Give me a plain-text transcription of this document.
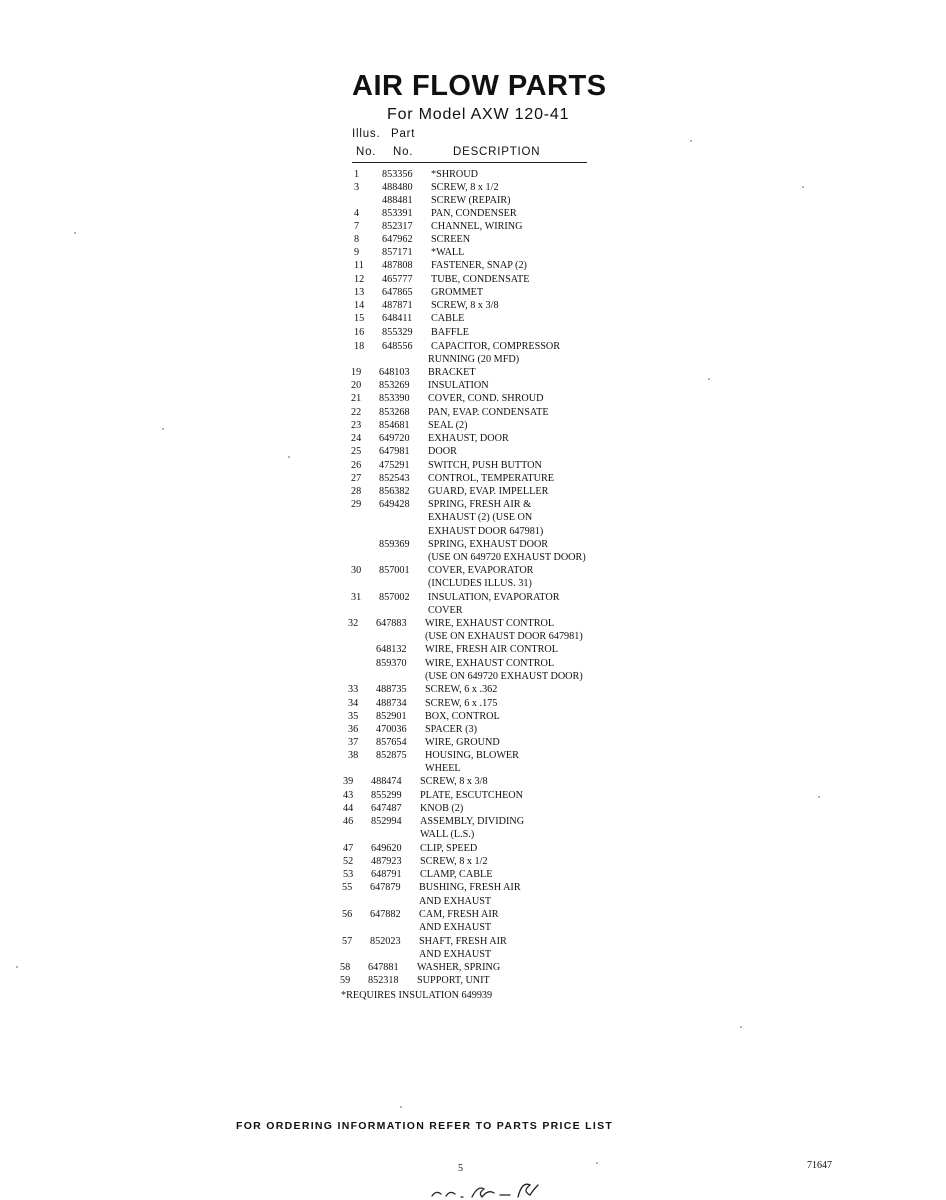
AIR FLOW PARTS
For Model AXW 120-41
Illus. Part
No. No.	DESCRIPTION
1	853356 *SHROUD
3	488480 SCREW, 8 x 1/2
488481 SCREW (REPAIR)
4	853391 PAN, CONDENSER
7	852317 CHANNEL, WIRING
8	647962 SCREEN
9	857171 *WALL
11	487808 FASTENER, SNAP (2)
12	465777 TUBE, CONDENSATE
13	647865 GROMMET
14	487871 SCREW, 8 x 3/8
15	648411 CABLE
16	855329 BAFFLE
18	648556 CAPACITOR, COMPRESSOR
RUNNING (20 MFD)
19	648103 BRACKET
20	853269 INSULATION
21	853390 COVER, COND. SHROUD
22	853268 PAN, EVAP. CONDENSATE
23	854681 SEAL (2)
24	649720 EXHAUST, DOOR
25	647981 DOOR
26	475291 SWITCH, PUSH BUTTON
27	852543 CONTROL, TEMPERATURE
28	856382 GUARD, EVAP. IMPELLER
29	649428 SPRING, FRESH AIR &
EXHAUST (2) (USE ON
EXHAUST DOOR 647981)
859369 SPRING, EXHAUST DOOR
(USE ON 649720 EXHAUST DOOR)
30	857001 COVER, EVAPORATOR
(INCLUDES ILLUS. 31)
31	857002 INSULATION, EVAPORATOR
COVER
32	647883 WIRE, EXHAUST CONTROL
(USE ON EXHAUST DOOR 647981)
648132 WIRE, FRESH AIR CONTROL
859370 WIRE, EXHAUST CONTROL
(USE ON 649720 EXHAUST DOOR)
33	488735 SCREW, 6 x .362
34	488734 SCREW, 6 x .175
35	852901 BOX, CONTROL
36	470036 SPACER (3)
37	857654 WIRE, GROUND
38	852875 HOUSING, BLOWER
WHEEL
39	488474 SCREW, 8 x 3/8
43	855299 PLATE, ESCUTCHEON
44	647487 KNOB (2)
46	852994 ASSEMBLY, DIVIDING
WALL (L.S.)
47	649620 CLIP, SPEED
52	487923 SCREW, 8 x 1/2
53	648791 CLAMP, CABLE
55	647879 BUSHING, FRESH AIR
AND EXHAUST
56	647882 CAM, FRESH AIR
AND EXHAUST
57	852023 SHAFT, FRESH AIR
AND EXHAUST
58	647881 WASHER, SPRING
59	852318 SUPPORT, UNIT
*REQUIRES INSULATION 649939
FOR ORDERING INFORMATION REFER TO PARTS PRICE LIST
5	71647
